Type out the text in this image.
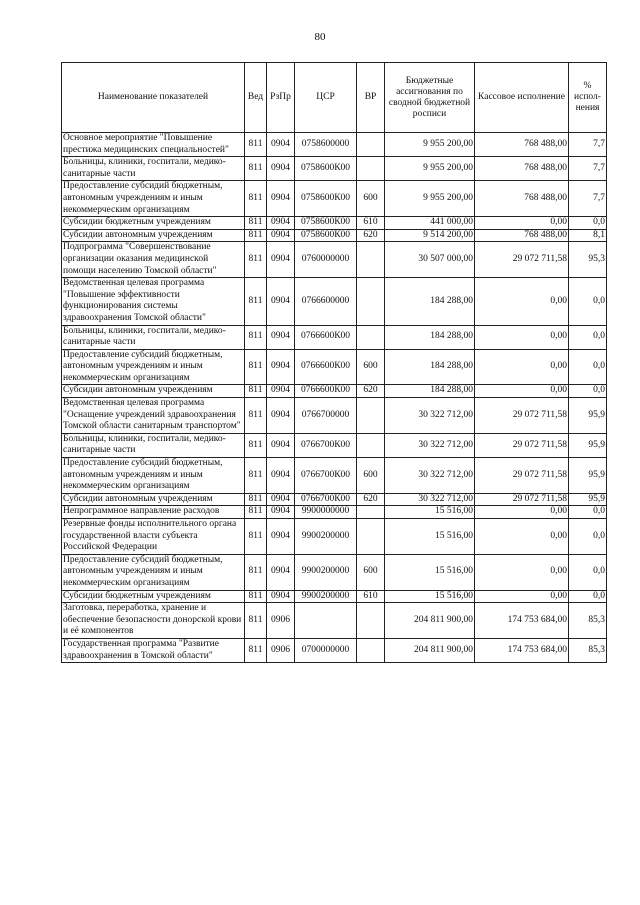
80
Наименование показателей	Вед	РзПр	ЦСР	ВР	Бюджетные ассигнования по сводной бюджетной росписи	Кассовое исполнение	% испол-нения
Основное мероприятие "Повышение престижа медицинских специальностей"	811	0904	0758600000		9 955 200,00	768 488,00	7,7
Больницы, клиники, госпитали, медико-санитарные части	811	0904	0758600К00		9 955 200,00	768 488,00	7,7
Предоставление субсидий бюджетным, автономным учреждениям и иным некоммерческим организациям	811	0904	0758600К00	600	9 955 200,00	768 488,00	7,7
Субсидии бюджетным учреждениям	811	0904	0758600К00	610	441 000,00	0,00	0,0
Субсидии автономным учреждениям	811	0904	0758600К00	620	9 514 200,00	768 488,00	8,1
Подпрограмма "Совершенствование организации оказания медицинской помощи населению Томской области"	811	0904	0760000000		30 507 000,00	29 072 711,58	95,3
Ведомственная целевая программа "Повышение эффективности функционирования системы здравоохранения Томской области"	811	0904	0766600000		184 288,00	0,00	0,0
Больницы, клиники, госпитали, медико-санитарные части	811	0904	0766600К00		184 288,00	0,00	0,0
Предоставление субсидий бюджетным, автономным учреждениям и иным некоммерческим организациям	811	0904	0766600К00	600	184 288,00	0,00	0,0
Субсидии автономным учреждениям	811	0904	0766600К00	620	184 288,00	0,00	0,0
Ведомственная целевая программа "Оснащение учреждений здравоохранения Томской области санитарным транспортом"	811	0904	0766700000		30 322 712,00	29 072 711,58	95,9
Больницы, клиники, госпитали, медико-санитарные части	811	0904	0766700К00		30 322 712,00	29 072 711,58	95,9
Предоставление субсидий бюджетным, автономным учреждениям и иным некоммерческим организациям	811	0904	0766700К00	600	30 322 712,00	29 072 711,58	95,9
Субсидии автономным учреждениям	811	0904	0766700К00	620	30 322 712,00	29 072 711,58	95,9
Непрограммное направление расходов	811	0904	9900000000		15 516,00	0,00	0,0
Резервные фонды исполнительного органа государственной власти субъекта Российской Федерации	811	0904	9900200000		15 516,00	0,00	0,0
Предоставление субсидий бюджетным, автономным учреждениям и иным некоммерческим организациям	811	0904	9900200000	600	15 516,00	0,00	0,0
Субсидии бюджетным учреждениям	811	0904	9900200000	610	15 516,00	0,00	0,0
Заготовка, переработка, хранение и обеспечение безопасности донорской крови и её компонентов	811	0906			204 811 900,00	174 753 684,00	85,3
Государственная программа "Развитие здравоохранения в Томской области"	811	0906	0700000000		204 811 900,00	174 753 684,00	85,3
